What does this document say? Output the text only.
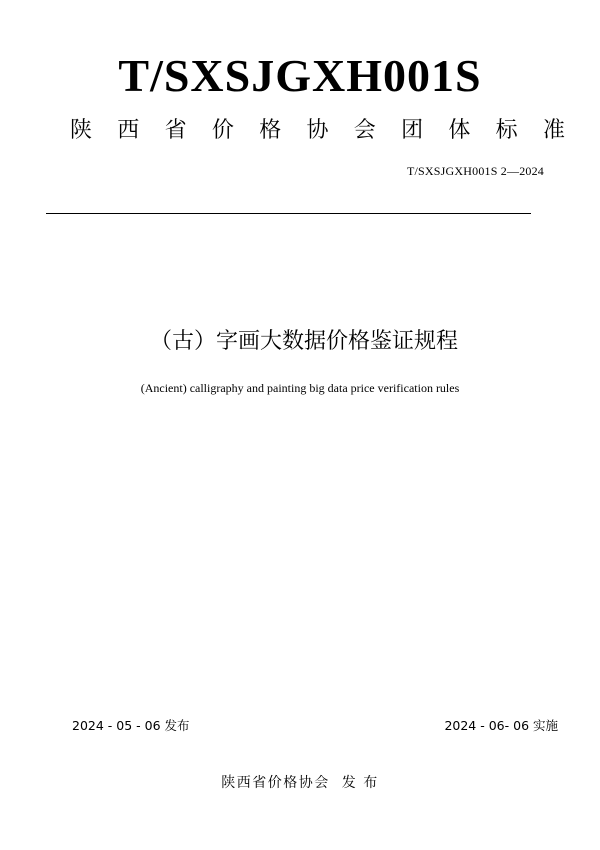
T/SXSJGXH001S
陕 西 省 价 格 协 会 团 体 标 准
T/SXSJGXH001S 2—2024
（古）字画大数据价格鉴证规程
(Ancient) calligraphy and painting big data price verification rules
2024 - 05 - 06 发布	2024 - 06- 06 实施
陕西省价格协会 发 布
